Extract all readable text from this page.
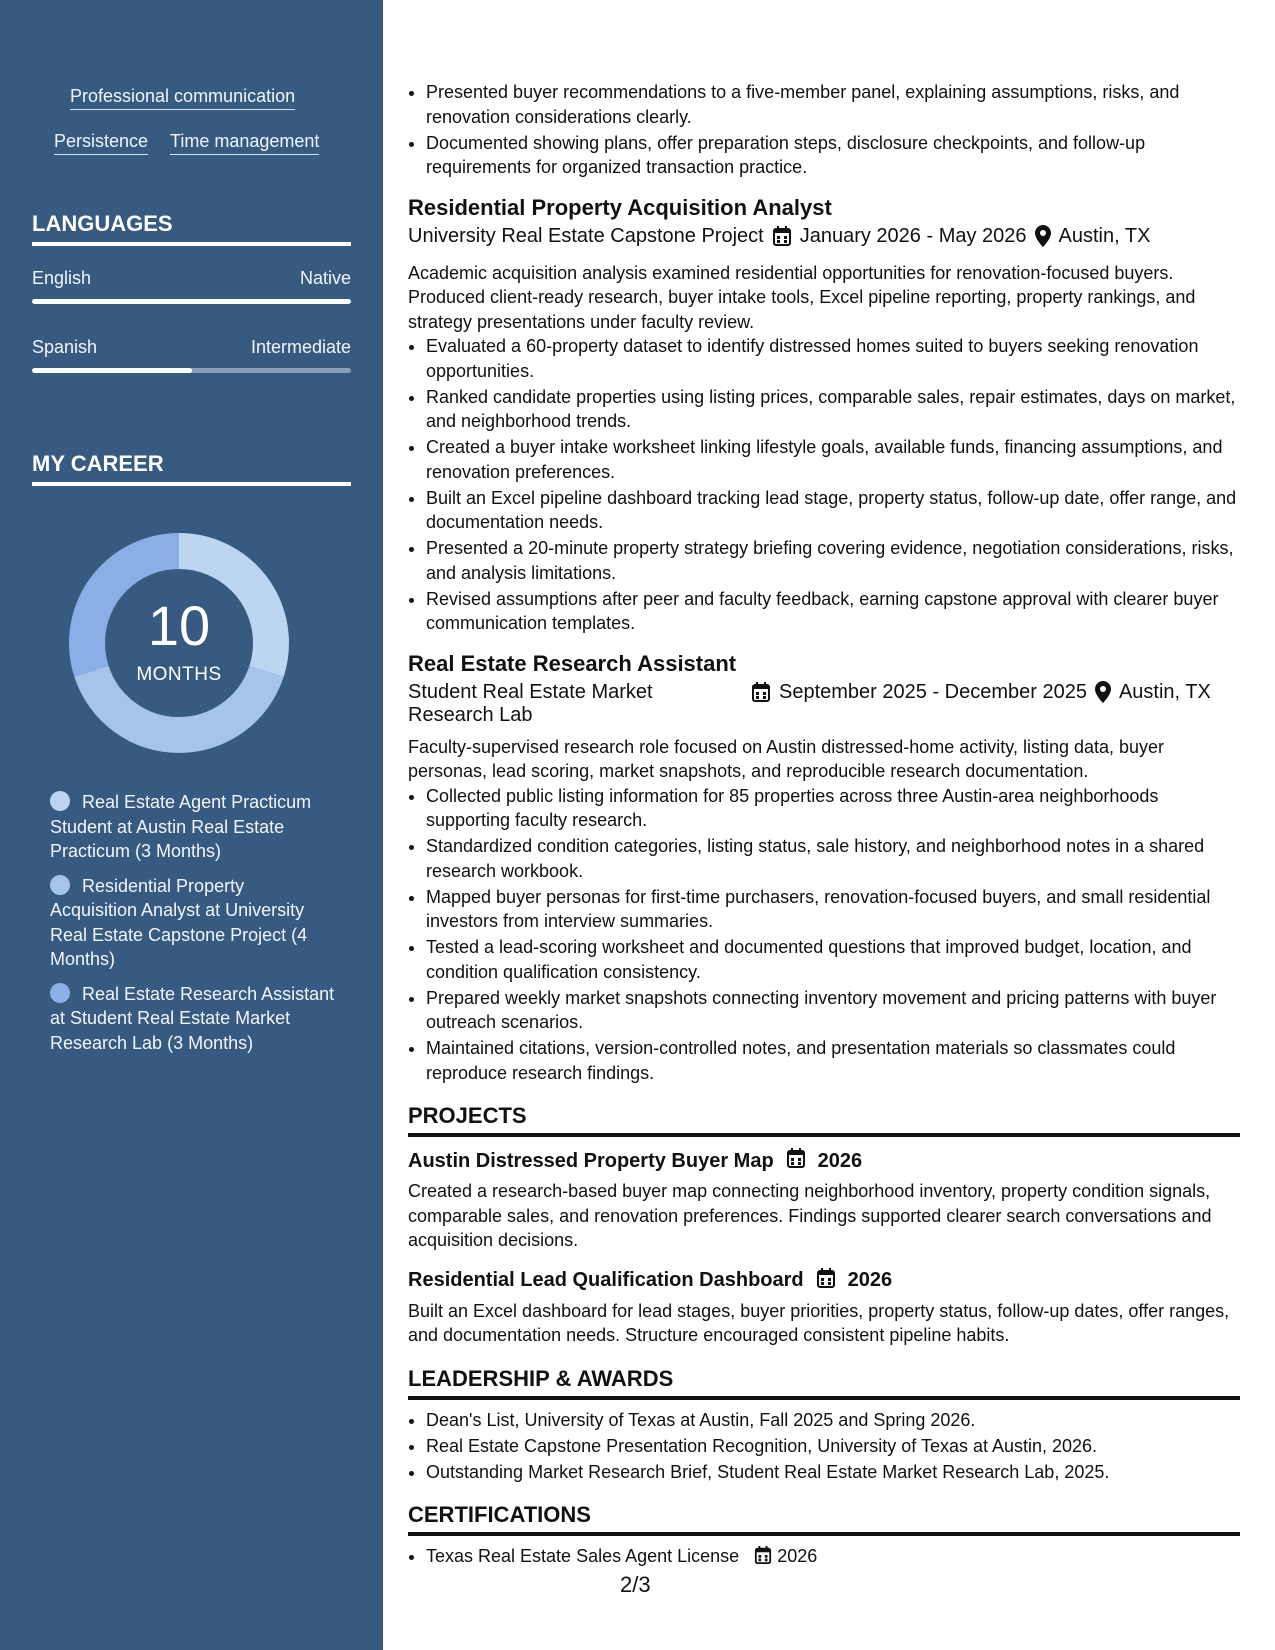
Professional communication
Persistence Time management
LANGUAGES
English	Native
Spanish	Intermediate
MY CAREER
10
MONTHS
Real Estate Agent Practicum Student at Austin Real Estate Practicum (3 Months)
Residential Property Acquisition Analyst at University Real Estate Capstone Project (4 Months)
Real Estate Research Assistant at Student Real Estate Market Research Lab (3 Months)
• Presented buyer recommendations to a five-member panel, explaining assumptions, risks, and renovation considerations clearly.
• Documented showing plans, offer preparation steps, disclosure checkpoints, and follow-up requirements for organized transaction practice.
Residential Property Acquisition Analyst
University Real Estate Capstone Project January 2026 - May 2026 Austin, TX

Academic acquisition analysis examined residential opportunities for renovation-focused buyers. Produced client-ready research, buyer intake tools, Excel pipeline reporting, property rankings, and strategy presentations under faculty review.

• Evaluated a 60-property dataset to identify distressed homes suited to buyers seeking renovation opportunities.
• Ranked candidate properties using listing prices, comparable sales, repair estimates, days on market, and neighborhood trends.
• Created a buyer intake worksheet linking lifestyle goals, available funds, financing assumptions, and renovation preferences.
• Built an Excel pipeline dashboard tracking lead stage, property status, follow-up date, offer range, and documentation needs.
• Presented a 20-minute property strategy briefing covering evidence, negotiation considerations, risks, and analysis limitations.
• Revised assumptions after peer and faculty feedback, earning capstone approval with clearer buyer communication templates.
Real Estate Research Assistant
Student Real Estate Market Research Lab
September 2025 - December 2025 Austin, TX

Faculty-supervised research role focused on Austin distressed-home activity, listing data, buyer personas, lead scoring, market snapshots, and reproducible research documentation.

• Collected public listing information for 85 properties across three Austin-area neighborhoods supporting faculty research.
• Standardized condition categories, listing status, sale history, and neighborhood notes in a shared research workbook.
• Mapped buyer personas for first-time purchasers, renovation-focused buyers, and small residential investors from interview summaries.
• Tested a lead-scoring worksheet and documented questions that improved budget, location, and condition qualification consistency.
• Prepared weekly market snapshots connecting inventory movement and pricing patterns with buyer outreach scenarios.
• Maintained citations, version-controlled notes, and presentation materials so classmates could reproduce research findings.
PROJECTS
Austin Distressed Property Buyer Map 2026

Created a research-based buyer map connecting neighborhood inventory, property condition signals, comparable sales, and renovation preferences. Findings supported clearer search conversations and acquisition decisions.

Residential Lead Qualification Dashboard 2026

Built an Excel dashboard for lead stages, buyer priorities, property status, follow-up dates, offer ranges, and documentation needs. Structure encouraged consistent pipeline habits.

LEADERSHIP & AWARDS
• Dean's List, University of Texas at Austin, Fall 2025 and Spring 2026.
• Real Estate Capstone Presentation Recognition, University of Texas at Austin, 2026.
• Outstanding Market Research Brief, Student Real Estate Market Research Lab, 2025.
CERTIFICATIONS
• Texas Real Estate Sales Agent License 2026
2/3
